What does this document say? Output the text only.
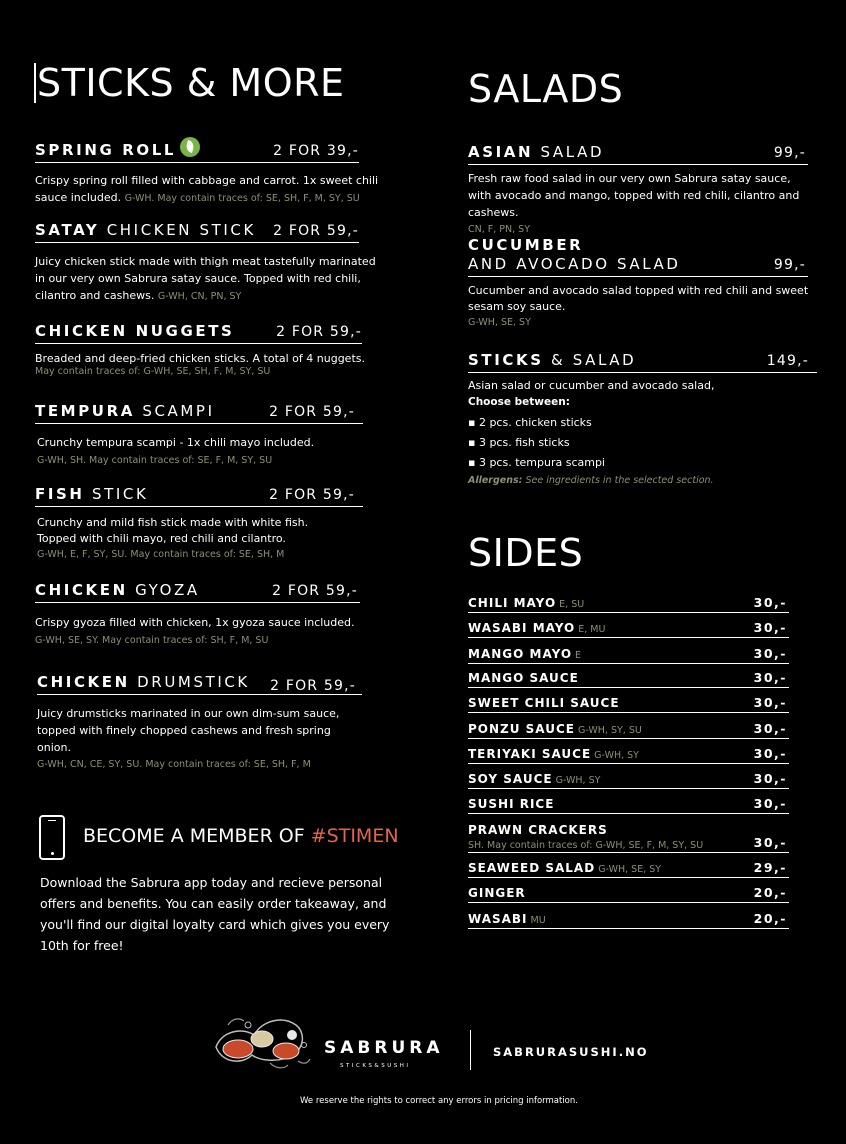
STICKS & MORE
SPRING ROLL	2 FOR 39,-
Crispy spring roll filled with cabbage and carrot. 1x sweet chili sauce included. G-WH. May contain traces of: SE, SH, F, M, SY, SU
SATAY CHICKEN STICK 2 FOR 59,-
Juicy chicken stick made with thigh meat tastefully marinated in our very own Sabrura satay sauce. Topped with red chili, cilantro and cashews. G-WH, CN, PN, SY
CHICKEN NUGGETS	2 FOR 59,-
Breaded and deep-fried chicken sticks. A total of 4 nuggets.
May contain traces of: G-WH, SE, SH, F, M, SY, SU
TEMPURA SCAMPI	2 FOR 59,-
Crunchy tempura scampi - 1x chili mayo included.
G-WH, SH. May contain traces of: SE, F, M, SY, SU
FISH STICK	2 FOR 59,-
Crunchy and mild fish stick made with white fish. Topped with chili mayo, red chili and cilantro.
G-WH, E, F, SY, SU. May contain traces of: SE, SH, M
CHICKEN GYOZA	2 FOR 59,-
Crispy gyoza filled with chicken, 1x gyoza sauce included.
G-WH, SE, SY. May contain traces of: SH, F, M, SU
CHICKEN DRUMSTICK 2 FOR 59,-
Juicy drumsticks marinated in our own dim-sum sauce, topped with finely chopped cashews and fresh spring onion.
G-WH, CN, CE, SY, SU. May contain traces of: SE, SH, F, M
BECOME A MEMBER OF #STIMEN
Download the Sabrura app today and recieve personal offers and benefits. You can easily order takeaway, and you'll find our digital loyalty card which gives you every 10th for free!
SALADS
ASIAN SALAD	99,-
Fresh raw food salad in our very own Sabrura satay sauce, with avocado and mango, topped with red chili, cilantro and cashews.
CN, F, PN, SY
CUCUMBER
AND AVOCADO SALAD	99,-
Cucumber and avocado salad topped with red chili and sweet sesam soy sauce.
G-WH, SE, SY
STICKS & SALAD	149,-
Asian salad or cucumber and avocado salad,
Choose between:
▪ 2 pcs. chicken sticks
▪ 3 pcs. fish sticks
▪ 3 pcs. tempura scampi
Allergens: See ingredients in the selected section.
SIDES
CHILI MAYO E, SU	30,-
WASABI MAYO E, MU	30,-
MANGO MAYO E	30,-
MANGO SAUCE	30,-
SWEET CHILI SAUCE	30,-
PONZU SAUCE G-WH, SY, SU	30,-
TERIYAKI SAUCE G-WH, SY	30,-
SOY SAUCE G-WH, SY	30,-
SUSHI RICE	30,-
PRAWN CRACKERS
SH. May contain traces of: G-WH, SE, F, M, SY, SU	30,-
SEAWEED SALAD G-WH, SE, SY	29,-
GINGER	20,-
WASABI MU	20,-
SABRURA
STICKS&SUSHI
SABRURASUSHI.NO
We reserve the rights to correct any errors in pricing information.
